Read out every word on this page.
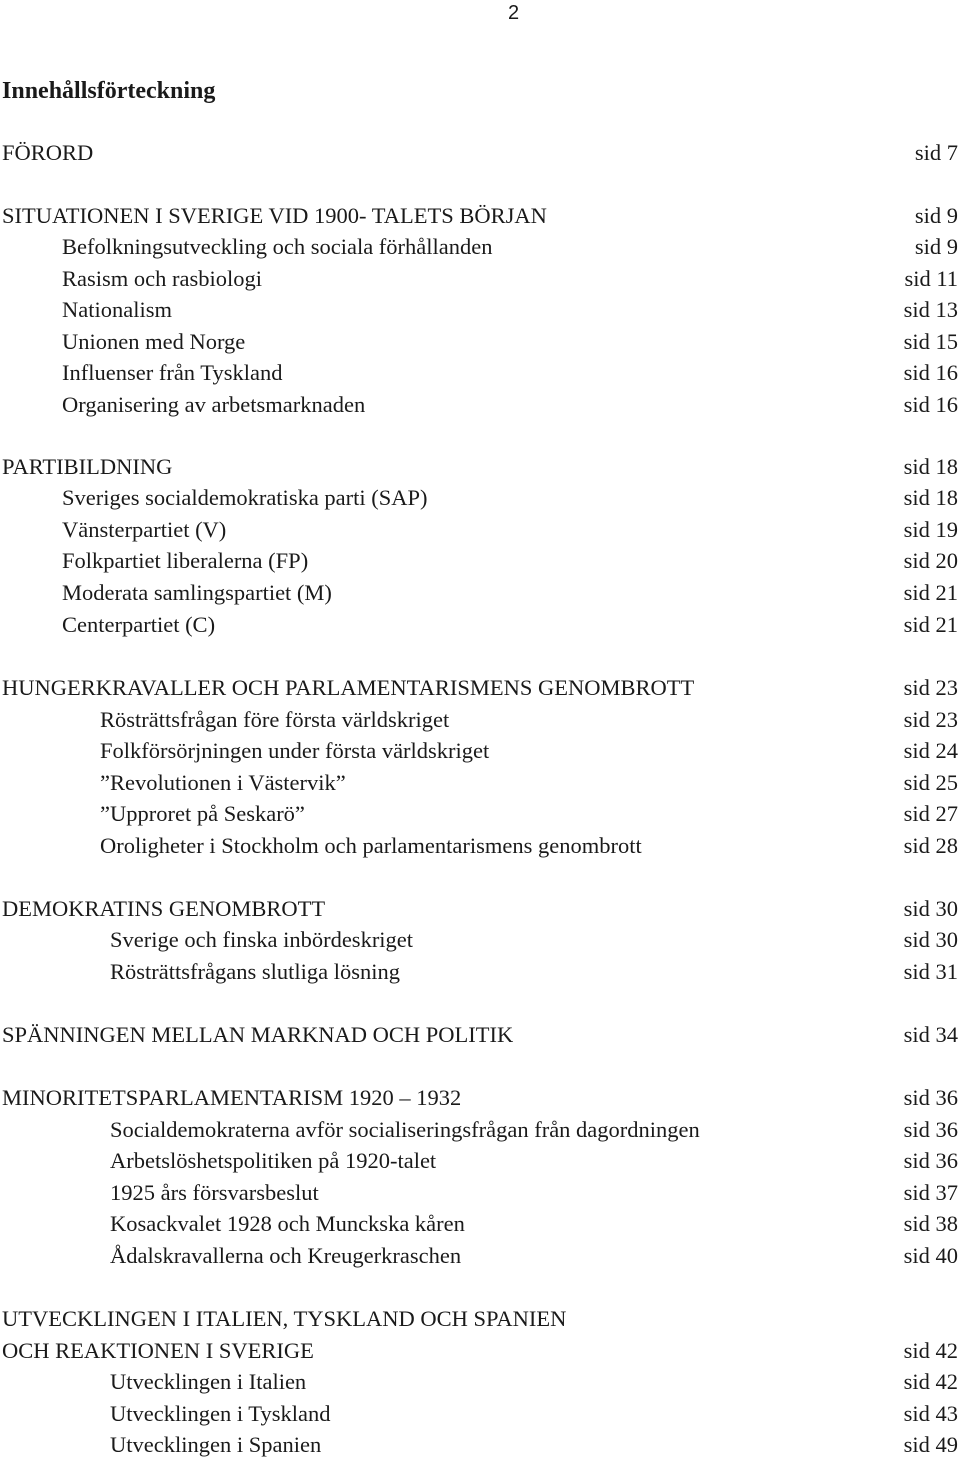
2
Innehållsförteckning
FÖRORD	sid 7
SITUATIONEN I SVERIGE VID 1900- TALETS BÖRJAN	sid 9
Befolkningsutveckling och sociala förhållanden	sid 9
Rasism och rasbiologi	sid 11
Nationalism	sid 13
Unionen med Norge	sid 15
Influenser från Tyskland	sid 16
Organisering av arbetsmarknaden	sid 16
PARTIBILDNING	sid 18
Sveriges socialdemokratiska parti (SAP)	sid 18
Vänsterpartiet (V)	sid 19
Folkpartiet liberalerna (FP)	sid 20
Moderata samlingspartiet (M)	sid 21
Centerpartiet (C)	sid 21
HUNGERKRAVALLER OCH PARLAMENTARISMENS GENOMBROTT	sid 23
Rösträttsfrågan före första världskriget	sid 23
Folkförsörjningen under första världskriget	sid 24
”Revolutionen i Västervik”	sid 25
”Upproret på Seskarö”	sid 27
Oroligheter i Stockholm och parlamentarismens genombrott	sid 28
DEMOKRATINS GENOMBROTT	sid 30
Sverige och finska inbördeskriget	sid 30
Rösträttsfrågans slutliga lösning	sid 31
SPÄNNINGEN MELLAN MARKNAD OCH POLITIK	sid 34
MINORITETSPARLAMENTARISM 1920 – 1932	sid 36
Socialdemokraterna avför socialiseringsfrågan från dagordningen	sid 36
Arbetslöshetspolitiken på 1920-talet	sid 36
1925 års försvarsbeslut	sid 37
Kosackvalet 1928 och Munckska kåren	sid 38
Ådalskravallerna och Kreugerkraschen	sid 40
UTVECKLINGEN I ITALIEN, TYSKLAND OCH SPANIEN
OCH REAKTIONEN I SVERIGE	sid 42
Utvecklingen i Italien	sid 42
Utvecklingen i Tyskland	sid 43
Utvecklingen i Spanien	sid 49
